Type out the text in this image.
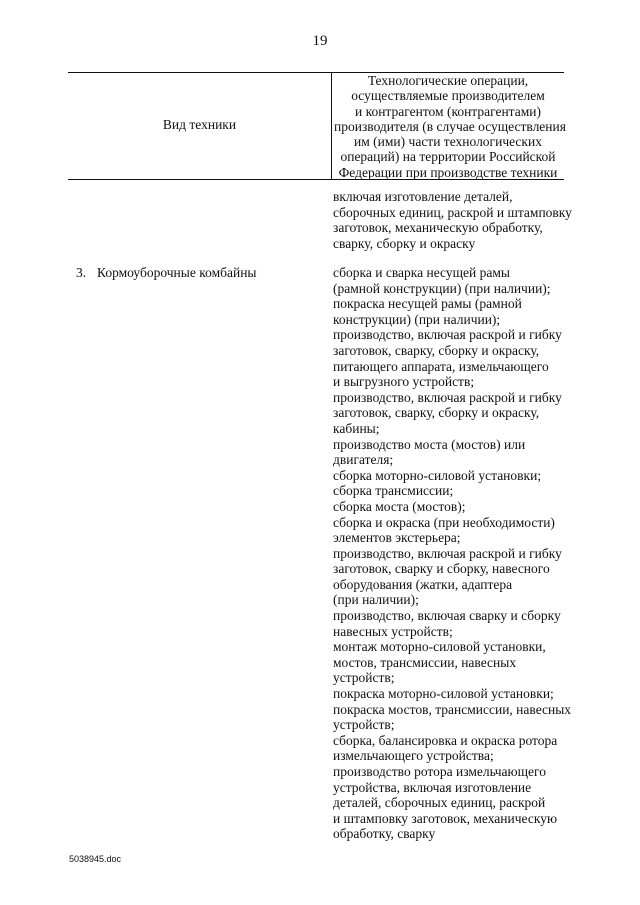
19
Вид техники
Технологические операции,
осуществляемые производителем
и контрагентом (контрагентами)
производителя (в случае осуществления
им (ими) части технологических
операций) на территории Российской
Федерации при производстве техники
включая изготовление деталей,
сборочных единиц, раскрой и штамповку
заготовок, механическую обработку,
сварку, сборку и окраску
3. Кормоуборочные комбайны	сборка и сварка несущей рамы
(рамной конструкции) (при наличии);
покраска несущей рамы (рамной
конструкции) (при наличии);
производство, включая раскрой и гибку
заготовок, сварку, сборку и окраску,
питающего аппарата, измельчающего
и выгрузного устройств;
производство, включая раскрой и гибку
заготовок, сварку, сборку и окраску,
кабины;
производство моста (мостов) или
двигателя;
сборка моторно-силовой установки;
сборка трансмиссии;
сборка моста (мостов);
сборка и окраска (при необходимости)
элементов экстерьера;
производство, включая раскрой и гибку
заготовок, сварку и сборку, навесного
оборудования (жатки, адаптера
(при наличии);
производство, включая сварку и сборку
навесных устройств;
монтаж моторно-силовой установки,
мостов, трансмиссии, навесных
устройств;
покраска моторно-силовой установки;
покраска мостов, трансмиссии, навесных
устройств;
сборка, балансировка и окраска ротора
измельчающего устройства;
производство ротора измельчающего
устройства, включая изготовление
деталей, сборочных единиц, раскрой
и штамповку заготовок, механическую
обработку, сварку
5038945.doc
